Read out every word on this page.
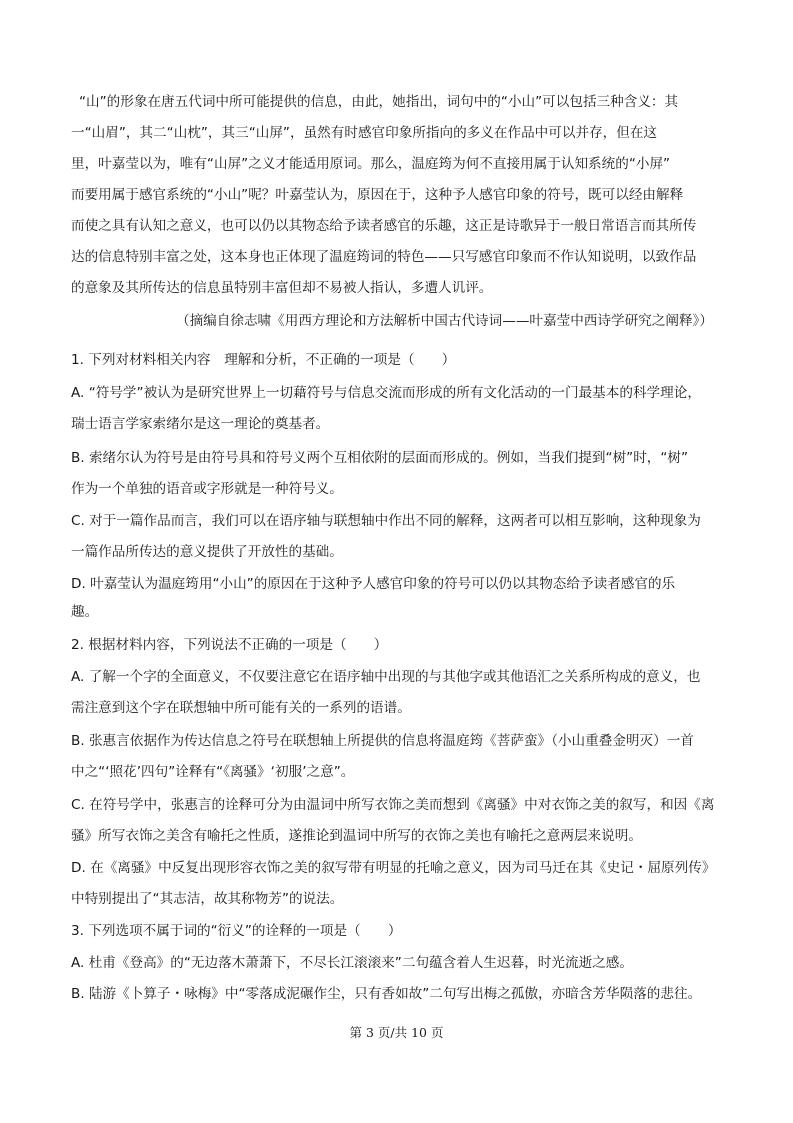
“山”的形象在唐五代词中所可能提供的信息，由此，她指出，词句中的“小山”可以包括三种含义：其
一“山眉”，其二“山枕”，其三“山屏”，虽然有时感官印象所指向的多义在作品中可以并存，但在这
里，叶嘉莹以为，唯有“山屏”之义才能适用原词。那么，温庭筠为何不直接用属于认知系统的“小屏”
而要用属于感官系统的“小山”呢？叶嘉莹认为，原因在于，这种予人感官印象的符号，既可以经由解释
而使之具有认知之意义，也可以仍以其物态给予读者感官的乐趣，这正是诗歌异于一般日常语言而其所传
达的信息特别丰富之处，这本身也正体现了温庭筠词的特色——只写感官印象而不作认知说明，以致作品
的意象及其所传达的信息虽特别丰富但却不易被人指认，多遭人讥评。
（摘编自徐志啸《用西方理论和方法解析中国古代诗词——叶嘉莹中西诗学研究之阐释》）
1. 下列对材料相关内容　理解和分析，不正确的一项是（　　）
A. “符号学”被认为是研究世界上一切藉符号与信息交流而形成的所有文化活动的一门最基本的科学理论，
瑞士语言学家索绪尔是这一理论的奠基者。
B. 索绪尔认为符号是由符号具和符号义两个互相依附的层面而形成的。例如，当我们提到“树”时，“树”
作为一个单独的语音或字形就是一种符号义。
C. 对于一篇作品而言，我们可以在语序轴与联想轴中作出不同的解释，这两者可以相互影响，这种现象为
一篇作品所传达的意义提供了开放性的基础。
D. 叶嘉莹认为温庭筠用“小山”的原因在于这种予人感官印象的符号可以仍以其物态给予读者感官的乐
趣。
2. 根据材料内容，下列说法不正确的一项是（　　）
A. 了解一个字的全面意义，不仅要注意它在语序轴中出现的与其他字或其他语汇之关系所构成的意义，也
需注意到这个字在联想轴中所可能有关的一系列的语谱。
B. 张惠言依据作为传达信息之符号在联想轴上所提供的信息将温庭筠《菩萨蛮》（小山重叠金明灭）一首
中之“‘照花’四句”诠释有“《离骚》‘初服’之意”。
C. 在符号学中，张惠言的诠释可分为由温词中所写衣饰之美而想到《离骚》中对衣饰之美的叙写，和因《离
骚》所写衣饰之美含有喻托之性质，遂推论到温词中所写的衣饰之美也有喻托之意两层来说明。
D. 在《离骚》中反复出现形容衣饰之美的叙写带有明显的托喻之意义，因为司马迁在其《史记・屈原列传》
中特别提出了“其志洁，故其称物芳”的说法。
3. 下列选项不属于词的“衍义”的诠释的一项是（　　）
A. 杜甫《登高》的“无边落木萧萧下，不尽长江滚滚来”二句蕴含着人生迟暮，时光流逝之感。
B. 陆游《卜算子・咏梅》中“零落成泥碾作尘，只有香如故”二句写出梅之孤傲，亦暗含芳华陨落的悲往。
第 3 页/共 10 页
